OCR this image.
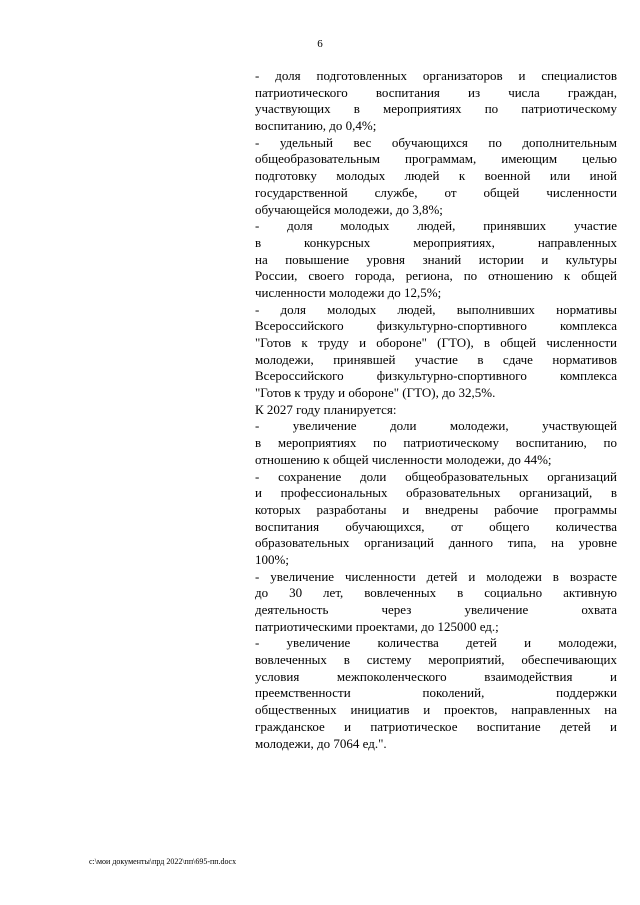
6
- доля подготовленных организаторов и специалистов
патриотического воспитания из числа граждан,
участвующих в мероприятиях по патриотическому
воспитанию, до 0,4%;
- удельный вес обучающихся по дополнительным
общеобразовательным программам, имеющим целью
подготовку молодых людей к военной или иной
государственной службе, от общей численности
обучающейся молодежи, до 3,8%;
- доля молодых людей, принявших участие
в конкурсных мероприятиях, направленных
на повышение уровня знаний истории и культуры
России, своего города, региона, по отношению к общей
численности молодежи до 12,5%;
- доля молодых людей, выполнивших нормативы
Всероссийского физкультурно-спортивного комплекса
"Готов к труду и обороне" (ГТО), в общей численности
молодежи, принявшей участие в сдаче нормативов
Всероссийского физкультурно-спортивного комплекса
"Готов к труду и обороне" (ГТО), до 32,5%.
К 2027 году планируется:
- увеличение доли молодежи, участвующей
в мероприятиях по патриотическому воспитанию, по
отношению к общей численности молодежи, до 44%;
- сохранение доли общеобразовательных организаций
и профессиональных образовательных организаций, в
которых разработаны и внедрены рабочие программы
воспитания обучающихся, от общего количества
образовательных организаций данного типа, на уровне
100%;
- увеличение численности детей и молодежи в возрасте
до 30 лет, вовлеченных в социально активную
деятельность через увеличение охвата
патриотическими проектами, до 125000 ед.;
- увеличение количества детей и молодежи,
вовлеченных в систему мероприятий, обеспечивающих
условия межпоколенческого взаимодействия и
преемственности поколений, поддержки
общественных инициатив и проектов, направленных на
гражданское и патриотическое воспитание детей и
молодежи, до 7064 ед.".
c:\мои документы\прд 2022\пп\695-пп.docx
